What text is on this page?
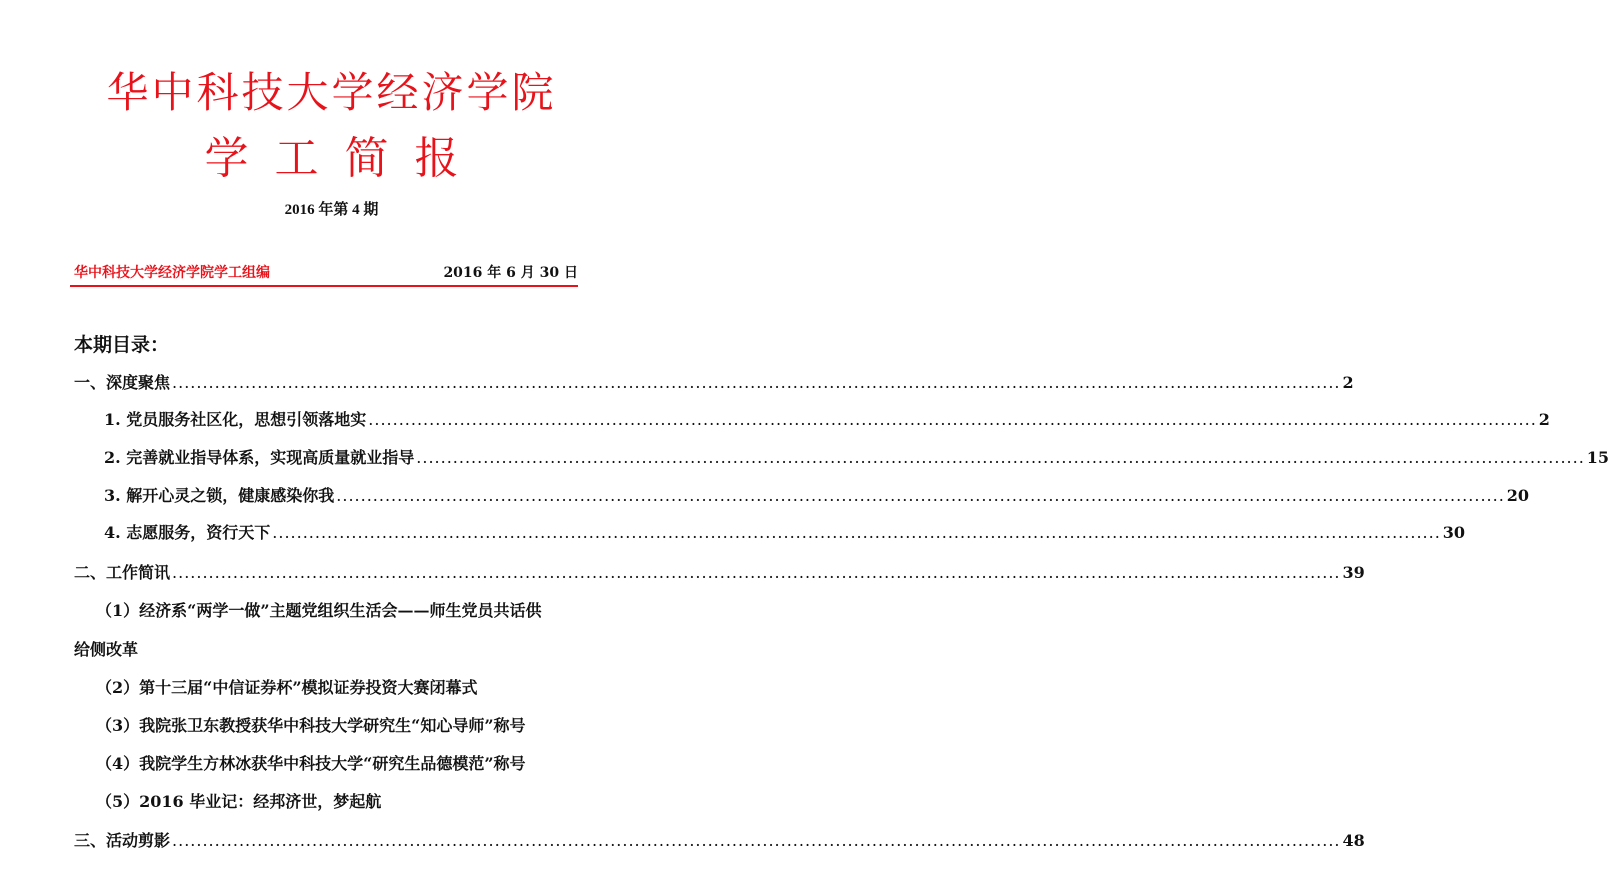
华中科技大学经济学院
学工简报
2016 年第 4 期
华中科技大学经济学院学工组编	2016 年 6 月 30 日
本期目录：
一、深度聚焦 ................................................................................................................................................................................................ 2
1. 党员服务社区化，思想引领落地实 ................................................................................................................................................................................................ 2
2. 完善就业指导体系，实现高质量就业指导 ................................................................................................................................................................................................ 15
3. 解开心灵之锁，健康感染你我 ................................................................................................................................................................................................ 20
4. 志愿服务，资行天下 ................................................................................................................................................................................................ 30
二、工作简讯 ................................................................................................................................................................................................ 39
（1）经济系“两学一做”主题党组织生活会——师生党员共话供
给侧改革
（2）第十三届“中信证券杯”模拟证券投资大赛闭幕式
（3）我院张卫东教授获华中科技大学研究生“知心导师”称号
（4）我院学生方林冰获华中科技大学“研究生品德模范”称号
（5）2016 毕业记：经邦济世，梦起航
三、活动剪影 ................................................................................................................................................................................................ 48
